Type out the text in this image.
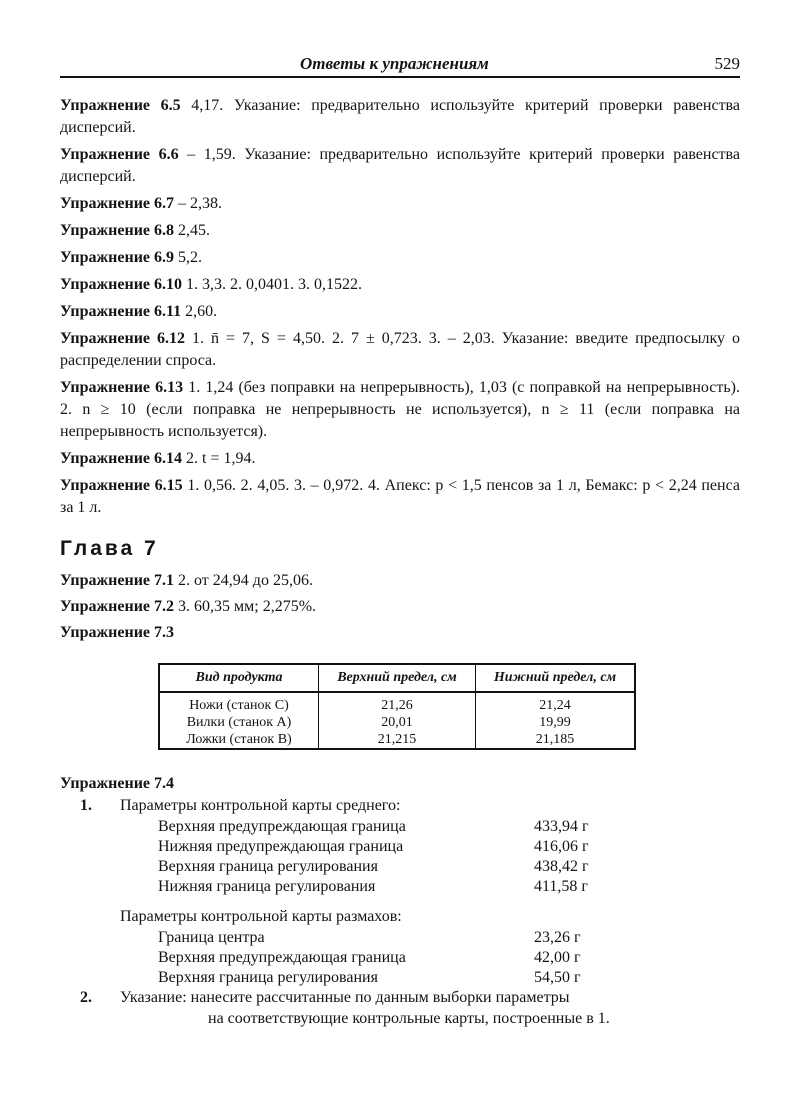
Ответы к упражнениям	529

Упражнение 6.5 4,17. Указание: предварительно используйте критерий проверки равенства дисперсий.

Упражнение 6.6 – 1,59. Указание: предварительно используйте критерий проверки равенства дисперсий.

Упражнение 6.7 – 2,38.

Упражнение 6.8 2,45.

Упражнение 6.9 5,2.

Упражнение 6.10 1. 3,3. 2. 0,0401. 3. 0,1522.

Упражнение 6.11 2,60.

Упражнение 6.12 1. n̄ = 7, S = 4,50. 2. 7 ± 0,723. 3. – 2,03. Указание: введите предпосылку о распределении спроса.

Упражнение 6.13 1. 1,24 (без поправки на непрерывность), 1,03 (с поправкой на непрерывность). 2. n ≥ 10 (если поправка не непрерывность не используется), n ≥ 11 (если поправка на непрерывность используется).

Упражнение 6.14 2. t = 1,94.

Упражнение 6.15 1. 0,56. 2. 4,05. 3. – 0,972. 4. Апекс: p < 1,5 пенсов за 1 л, Бемакс: p < 2,24 пенса за 1 л.

Глава 7

Упражнение 7.1 2. от 24,94 до 25,06.

Упражнение 7.2 3. 60,35 мм; 2,275%.

Упражнение 7.3

Вид продукта	Верхний предел, см	Нижний предел, см
Ножи (станок C)	21,26	21,24
Вилки (станок A)	20,01	19,99
Ложки (станок B)	21,215	21,185
Упражнение 7.4
1. Параметры контрольной карты среднего:
Верхняя предупреждающая граница	433,94 г
Нижняя предупреждающая граница	416,06 г
Верхняя граница регулирования	438,42 г
Нижняя граница регулирования	411,58 г
Параметры контрольной карты размахов:
Граница центра	23,26 г
Верхняя предупреждающая граница	42,00 г
Верхняя граница регулирования	54,50 г
2. Указание: нанесите рассчитанные по данным выборки параметры
на соответствующие контрольные карты, построенные в 1.
